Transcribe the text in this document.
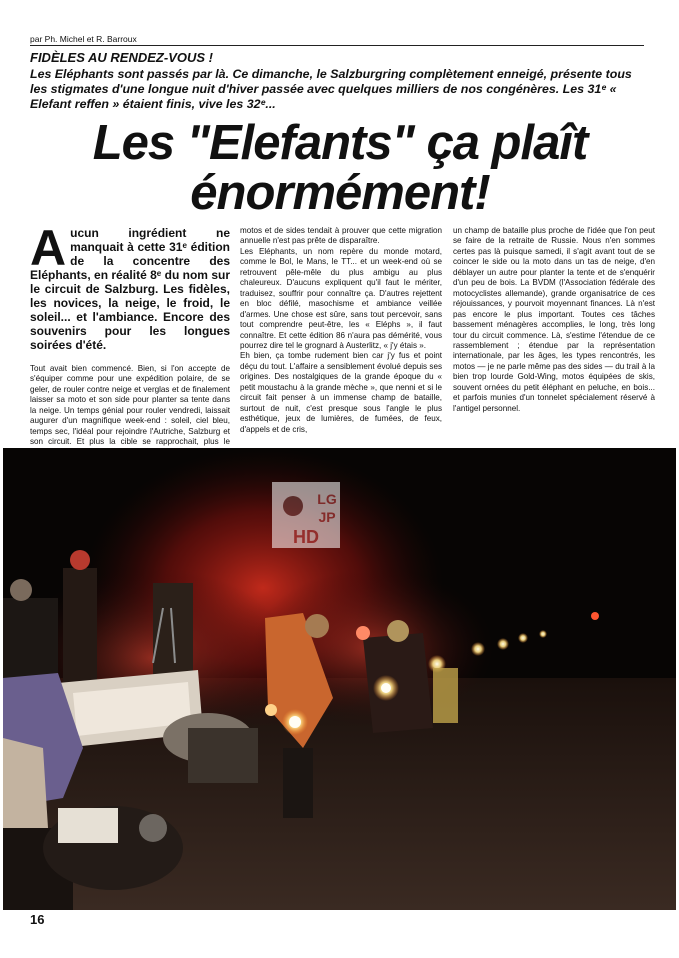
par Ph. Michel et R. Barroux
FIDÈLES AU RENDEZ-VOUS !
Les Eléphants sont passés par là. Ce dimanche, le Salzburgring complètement enneigé, présente tous les stigmates d'une longue nuit d'hiver passée avec quelques milliers de nos congénères. Les 31ᵉ « Elefant reffen » étaient finis, vive les 32ᵉ...
Les "Elefants" ça plaît
énormément!
Aucun ingrédient ne manquait à cette 31ᵉ édition de la concentre des Eléphants, en réalité 8ᵉ du nom sur le circuit de Salzburg. Les fidèles, les novices, la neige, le froid, le soleil... et l'ambiance. Encore des souvenirs pour les longues soirées d'été.

Tout avait bien commencé. Bien, si l'on accepte de s'équiper comme pour une expédition polaire, de se geler, de rouler contre neige et verglas et de finalement laisser sa moto et son side pour planter sa tente dans la neige. Un temps génial pour rouler vendredi, laissait augurer d'un magnifique week-end : soleil, ciel bleu, temps sec, l'idéal pour rejoindre l'Autriche, Salzburg et son circuit. Et plus la cible se rapprochait, plus le

motos et de sides tendait à prouver que cette migration annuelle n'est pas prête de disparaître.

Les Eléphants, un nom repère du monde motard, comme le Bol, le Mans, le TT... et un week-end où se retrouvent pêle-mêle du plus ambigu au plus chaleureux. D'aucuns expliquent qu'il faut le mériter, traduisez, souffrir pour connaître ça. D'autres rejettent en bloc défilé, masochisme et ambiance veillée d'armes. Une chose est sûre, sans tout percevoir, sans tout comprendre peut-être, les « Eléphs », il faut connaître. Et cette édition 86 n'aura pas démérité, vous pourrez dire tel le grognard à Austerlitz, « j'y étais ».

Eh bien, ça tombe rudement bien car j'y fus et point déçu du tout. L'affaire a sensiblement évolué depuis ses origines. Des nostalgiques de la grande époque du « petit moustachu à la grande mèche », que nenni et si le circuit fait penser à un immense champ de bataille, surtout de nuit, c'est presque sous l'angle le plus esthétique, jeux de lumières, de fumées, de feux, d'appels et de cris,

un champ de bataille plus proche de l'idée que l'on peut se faire de la retraite de Russie. Nous n'en sommes certes pas là puisque samedi, il s'agit avant tout de se coincer le side ou la moto dans un tas de neige, d'en déblayer un autre pour planter la tente et de s'enquérir d'un peu de bois. La BVDM (l'Association fédérale des motocyclistes allemande), grande organisatrice de ces réjouissances, y pourvoit moyennant finances. Là n'est pas encore le plus important. Toutes ces tâches bassement ménagères accomplies, le long, très long tour du circuit commence. Là, s'estime l'étendue de ce rassemblement ; étendue par la représentation internationale, par les âges, les types rencontrés, les motos — je ne parle même pas des sides — du trail à la bien trop lourde Gold-Wing, motos équipées de skis, souvent ornées du petit éléphant en peluche, en bois... et parfois munies d'un tonnelet spécialement réservé à l'antigel personnel.

LG
JP
HD
16
